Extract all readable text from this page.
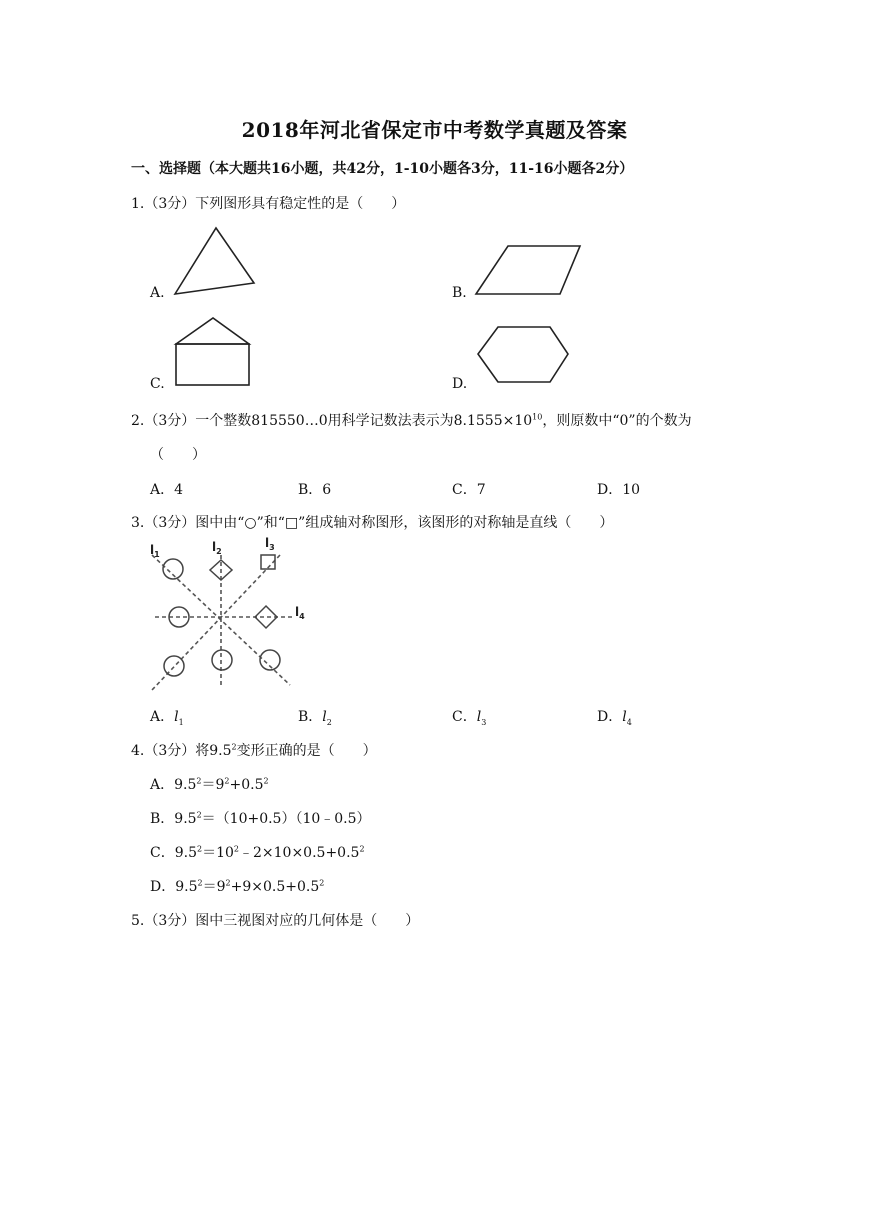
2018年河北省保定市中考数学真题及答案
一、选择题（本大题共16小题，共42分，1-10小题各3分，11-16小题各2分）
1.（3分）下列图形具有稳定性的是（　　）
A.	B.
C.	D.
2.（3分）一个整数815550…0用科学记数法表示为$8.1555\times 10^{10}$，则原数中“0”的个数为
（　　）
A．4	B．6	C．7	D．10
3.（3分）图中由“○”和“□”组成轴对称图形，该图形的对称轴是直线（　　）
$l_1$
$l_2$
$l_3$
$l_4$
A．$l_1$	B．$l_2$	C．$l_3$	D．$l_4$
4.（3分）将$9.5^2$变形正确的是（　　）
A．$9.5^2=9^2+0.5^2$
B．$9.5^2=(10+0.5)(10﹣0.5)$
C．$9.5^2=10^2﹣2\times 10\times 0.5+0.5^2$
D．$9.5^2=9^2+9\times 0.5+0.5^2$
5.（3分）图中三视图对应的几何体是（　　）
